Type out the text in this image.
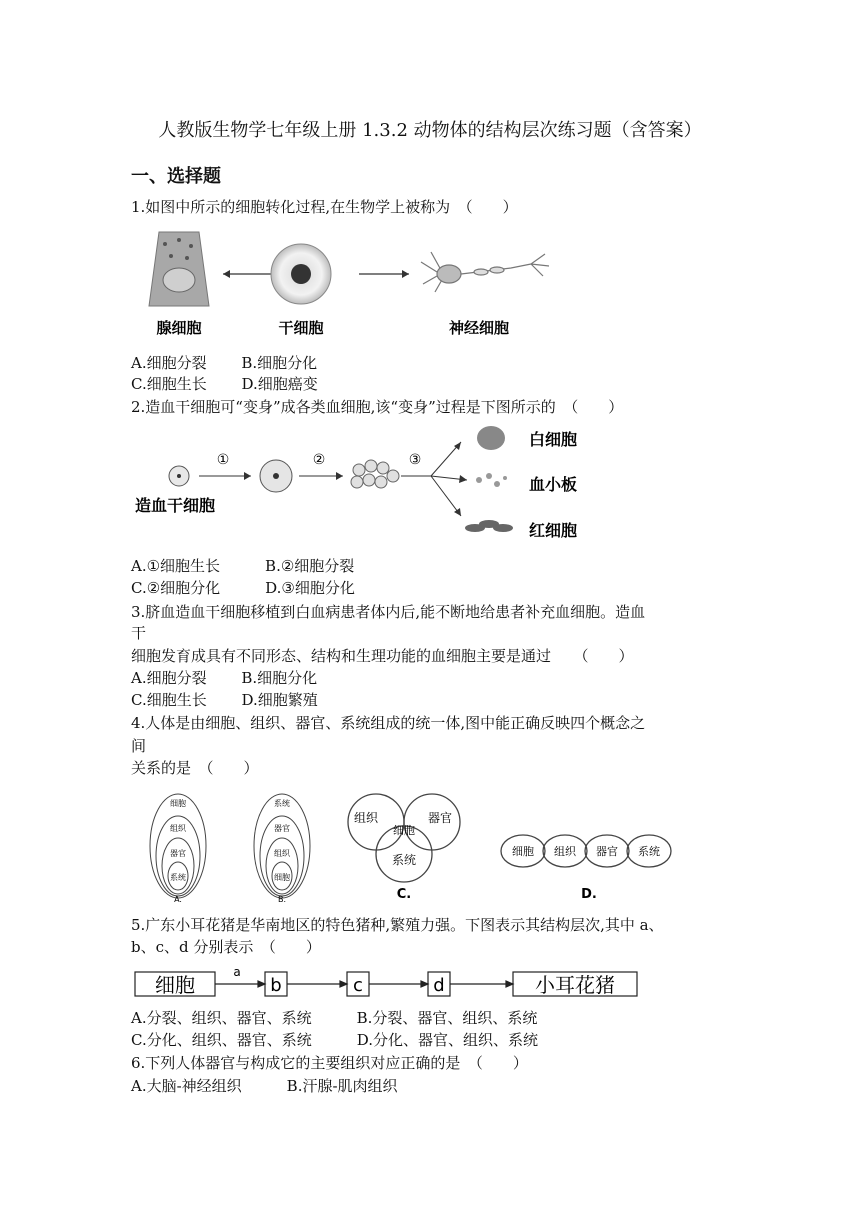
人教版生物学七年级上册 1.3.2 动物体的结构层次练习题（含答案）
一、选择题
1.如图中所示的细胞转化过程,在生物学上被称为　（　　）
腺细胞	干细胞	神经细胞
A.细胞分裂　　 B.细胞分化
C.细胞生长　　 D.细胞癌变
2.造血干细胞可“变身”成各类血细胞,该“变身”过程是下图所示的　（　　）
①	②	③
白细胞
血小板
红细胞
造血干细胞
A.①细胞生长　　　B.②细胞分裂
C.②细胞分化　　　D.③细胞分化
3.脐血造血干细胞移植到白血病患者体内后,能不断地给患者补充血细胞。造血
干
细胞发育成具有不同形态、结构和生理功能的血细胞主要是通过　　（　　）
A.细胞分裂　　 B.细胞分化
C.细胞生长　　 D.细胞繁殖
4.人体是由细胞、组织、器官、系统组成的统一体,图中能正确反映四个概念之
间
关系的是　（　　）
细胞
组织
器官
系统
A.
系统
器官
组织
细胞
B.
组织	器官
细胞
系统
C.
细胞 组织 器官 系统
D.
5.广东小耳花猪是华南地区的特色猪种,繁殖力强。下图表示其结构层次,其中 a、
b、c、d 分别表示　（　　）
细胞
a
b	c	d	小耳花猪
A.分裂、组织、器官、系统　　　B.分裂、器官、组织、系统
C.分化、组织、器官、系统　　　D.分化、器官、组织、系统
6.下列人体器官与构成它的主要组织对应正确的是　（　　）
A.大脑-神经组织　　　B.汗腺-肌肉组织
